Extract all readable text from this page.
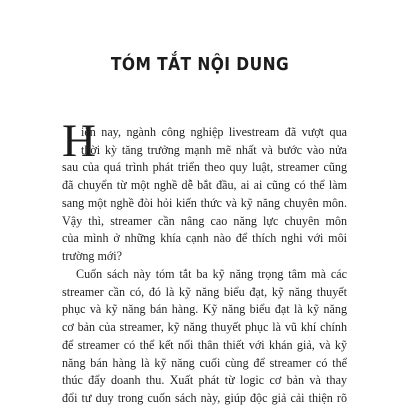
TÓM TẮT NỘI DUNG
H
iện nay, ngành công nghiệp livestream đã vượt qua
thời kỳ tăng trưởng mạnh mẽ nhất và bước vào nửa
sau của quá trình phát triển theo quy luật, streamer cũng
đã chuyển từ một nghề dễ bắt đầu, ai ai cũng có thể làm
sang một nghề đòi hỏi kiến thức và kỹ năng chuyên môn.
Vậy thì, streamer cần nâng cao năng lực chuyên môn
của mình ở những khía cạnh nào để thích nghi với môi
trường mới?
Cuốn sách này tóm tắt ba kỹ năng trọng tâm mà các
streamer cần có, đó là kỹ năng biểu đạt, kỹ năng thuyết
phục và kỹ năng bán hàng. Kỹ năng biểu đạt là kỹ năng
cơ bản của streamer, kỹ năng thuyết phục là vũ khí chính
để streamer có thể kết nối thân thiết với khán giả, và kỹ
năng bán hàng là kỹ năng cuối cùng để streamer có thể
thúc đẩy doanh thu. Xuất phát từ logic cơ bản và thay
đổi tư duy trong cuốn sách này, giúp độc giả cải thiện rõ
